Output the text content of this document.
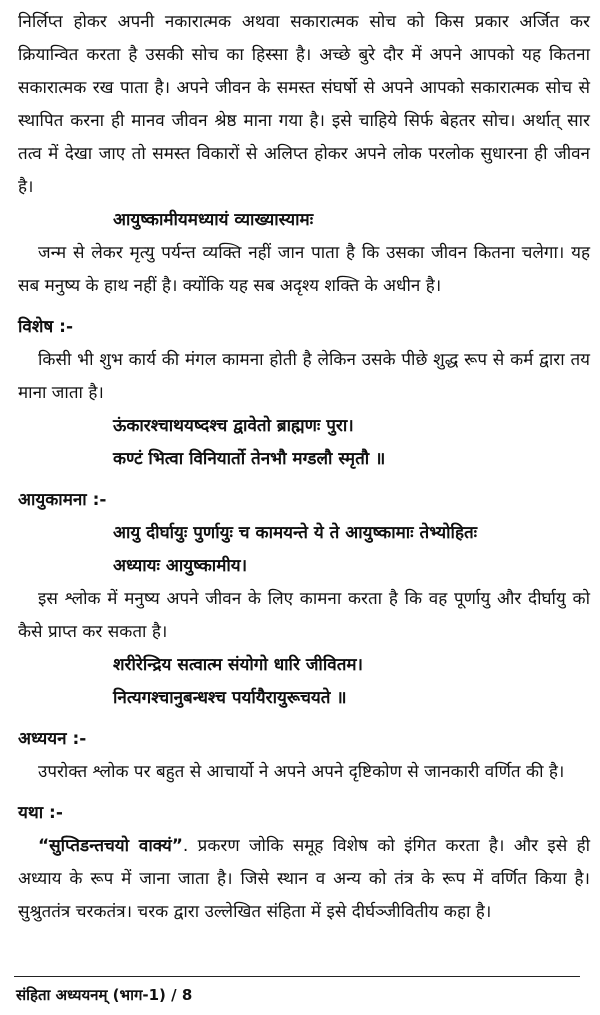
निर्लिप्त होकर अपनी नकारात्मक अथवा सकारात्मक सोच को किस प्रकार अर्जित कर क्रियान्वित करता है उसकी सोच का हिस्सा है। अच्छे बुरे दौर में अपने आपको यह कितना सकारात्मक रख पाता है। अपने जीवन के समस्त संघर्षो से अपने आपको सकारात्मक सोच से स्थापित करना ही मानव जीवन श्रेष्ठ माना गया है। इसे चाहिये सिर्फ बेहतर सोच। अर्थात् सार तत्व में देखा जाए तो समस्त विकारों से अलिप्त होकर अपने लोक परलोक सुधारना ही जीवन है।

आयुष्कामीयमध्यायं व्याख्यास्यामः

जन्म से लेकर मृत्यु पर्यन्त व्यक्ति नहीं जान पाता है कि उसका जीवन कितना चलेगा। यह सब मनुष्य के हाथ नहीं है। क्योंकि यह सब अदृश्य शक्ति के अधीन है।

विशेष :-

किसी भी शुभ कार्य की मंगल कामना होती है लेकिन उसके पीछे शुद्ध रूप से कर्म द्वारा तय माना जाता है।

ऊंकारश्चाथयष्दश्च द्वावेतो ब्राह्मणः पुरा।

कण्टं भित्वा विनियार्तो तेनभौ मग्डलौ स्मृतौ ॥

आयुकामना :-

आयु दीर्घायुः पुर्णायुः च कामयन्ते ये ते आयुष्कामाः तेभ्योहितः

अध्यायः आयुष्कामीय।

इस श्लोक में मनुष्य अपने जीवन के लिए कामना करता है कि वह पूर्णायु और दीर्घायु को कैसे प्राप्त कर सकता है।

शरीरेन्द्रिय सत्वात्म संयोगो धारि जीवितम।

नित्यगश्चानुबन्धश्च पर्यायैरायुरूचयते ॥

अध्ययन :-

उपरोक्त श्लोक पर बहुत से आचार्यो ने अपने अपने दृष्टिकोण से जानकारी वर्णित की है।

यथा :-

“सुप्तिडन्तचयो वाक्यं”. प्रकरण जोकि समूह विशेष को इंगित करता है। और इसे ही अध्याय के रूप में जाना जाता है। जिसे स्थान व अन्य को तंत्र के रूप में वर्णित किया है। सुश्रुततंत्र चरकतंत्र। चरक द्वारा उल्लेखित संहिता में इसे दीर्घञ्जीवितीय कहा है।

संहिता अध्ययनम् (भाग-1) / 8
